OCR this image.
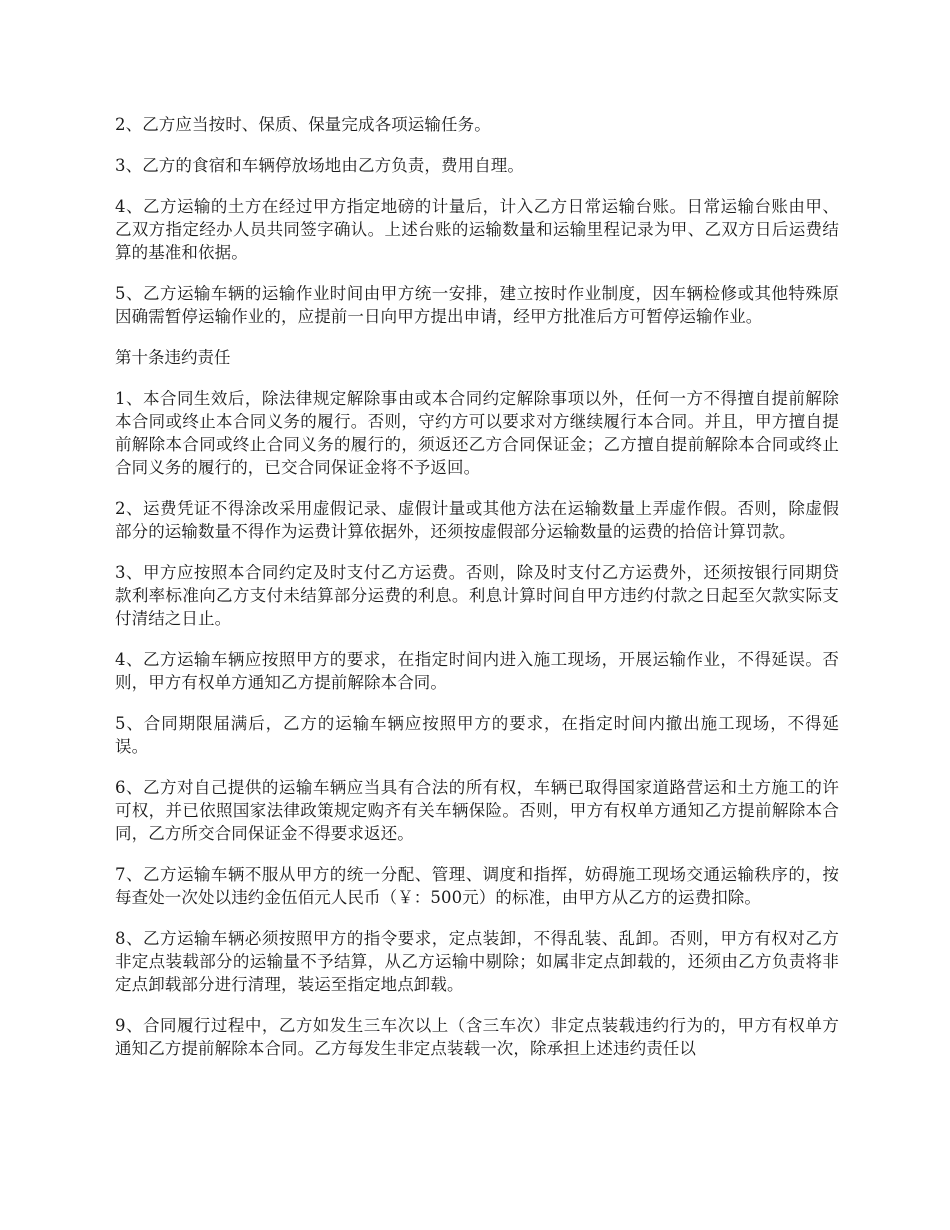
2、乙方应当按时、保质、保量完成各项运输任务。

3、乙方的食宿和车辆停放场地由乙方负责，费用自理。

4、乙方运输的土方在经过甲方指定地磅的计量后，计入乙方日常运输台账。日常运输台账由甲、乙双方指定经办人员共同签字确认。上述台账的运输数量和运输里程记录为甲、乙双方日后运费结算的基准和依据。

5、乙方运输车辆的运输作业时间由甲方统一安排，建立按时作业制度，因车辆检修或其他特殊原因确需暂停运输作业的，应提前一日向甲方提出申请，经甲方批准后方可暂停运输作业。

第十条违约责任

1、本合同生效后，除法律规定解除事由或本合同约定解除事项以外，任何一方不得擅自提前解除本合同或终止本合同义务的履行。否则，守约方可以要求对方继续履行本合同。并且，甲方擅自提前解除本合同或终止合同义务的履行的，须返还乙方合同保证金；乙方擅自提前解除本合同或终止合同义务的履行的，已交合同保证金将不予返回。

2、运费凭证不得涂改采用虚假记录、虚假计量或其他方法在运输数量上弄虚作假。否则，除虚假部分的运输数量不得作为运费计算依据外，还须按虚假部分运输数量的运费的拾倍计算罚款。

3、甲方应按照本合同约定及时支付乙方运费。否则，除及时支付乙方运费外，还须按银行同期贷款利率标准向乙方支付未结算部分运费的利息。利息计算时间自甲方违约付款之日起至欠款实际支付清结之日止。

4、乙方运输车辆应按照甲方的要求，在指定时间内进入施工现场，开展运输作业，不得延误。否则，甲方有权单方通知乙方提前解除本合同。

5、合同期限届满后，乙方的运输车辆应按照甲方的要求，在指定时间内撤出施工现场，不得延误。

6、乙方对自己提供的运输车辆应当具有合法的所有权，车辆已取得国家道路营运和土方施工的许可权，并已依照国家法律政策规定购齐有关车辆保险。否则，甲方有权单方通知乙方提前解除本合同，乙方所交合同保证金不得要求返还。

7、乙方运输车辆不服从甲方的统一分配、管理、调度和指挥，妨碍施工现场交通运输秩序的，按每查处一次处以违约金伍佰元人民币（￥：500元）的标准，由甲方从乙方的运费扣除。

8、乙方运输车辆必须按照甲方的指令要求，定点装卸，不得乱装、乱卸。否则，甲方有权对乙方非定点装载部分的运输量不予结算，从乙方运输中剔除；如属非定点卸载的，还须由乙方负责将非定点卸载部分进行清理，装运至指定地点卸载。

9、合同履行过程中，乙方如发生三车次以上（含三车次）非定点装载违约行为的，甲方有权单方通知乙方提前解除本合同。乙方每发生非定点装载一次，除承担上述违约责任以
